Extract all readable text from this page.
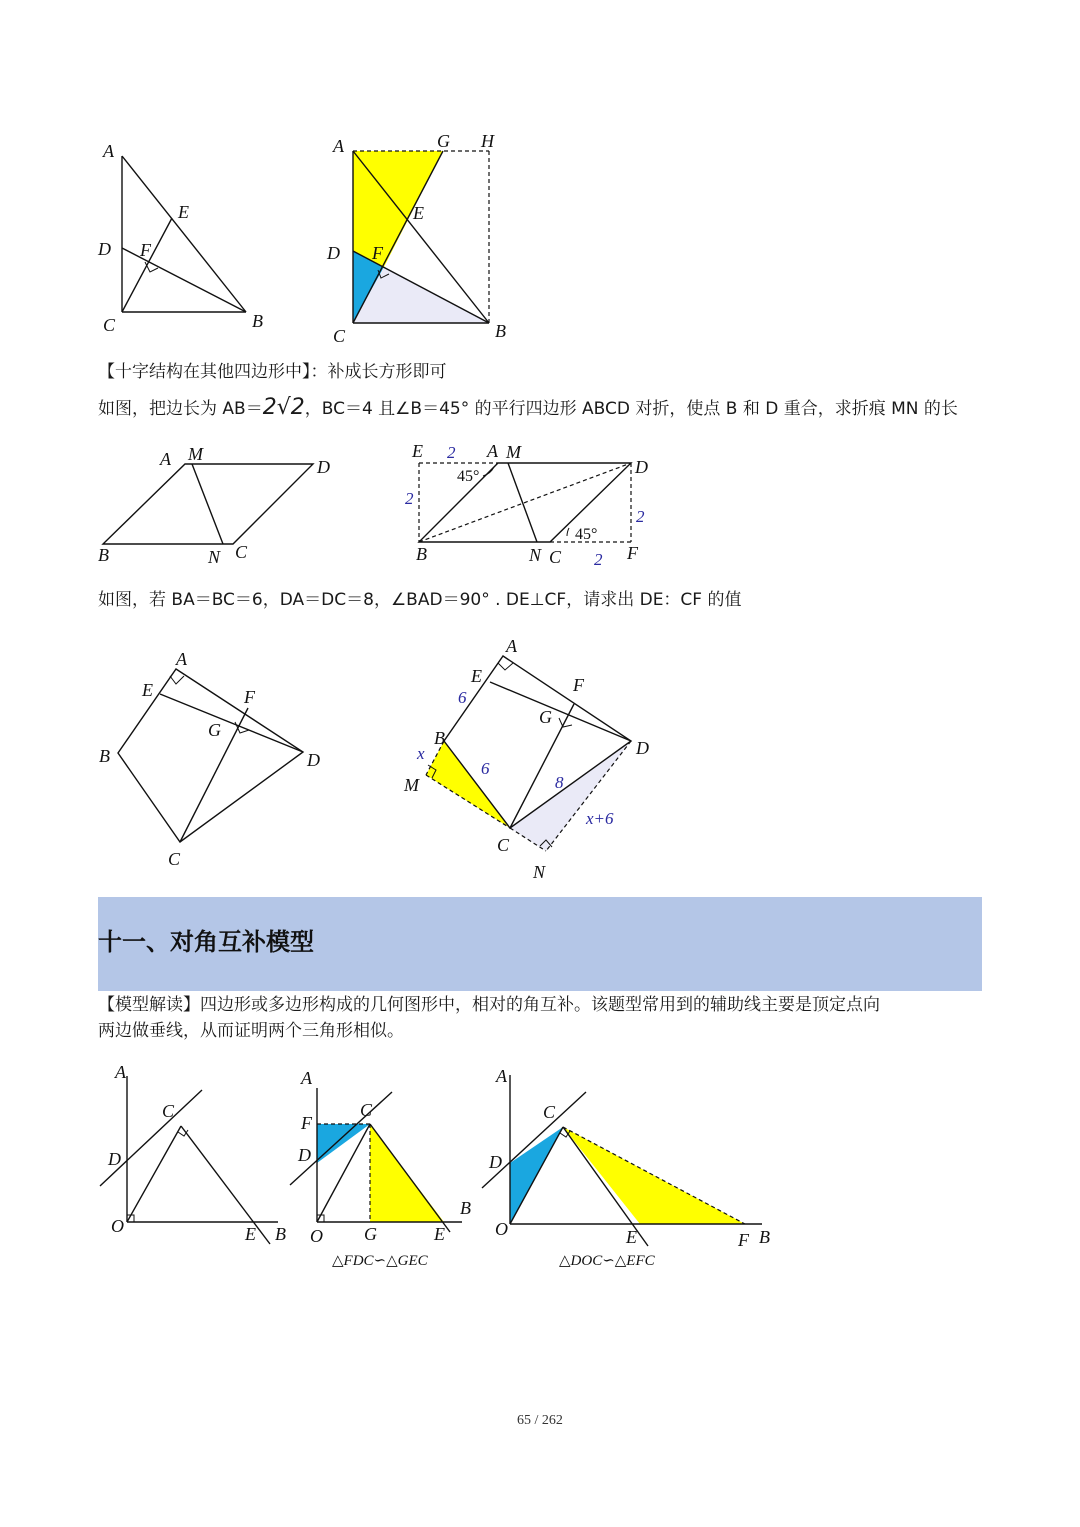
A
E
D F
C	B
A	G H
E
D F
C	B
A M
D
B	N C
E	A M
D
B	N C	F
2
2
2
2
45°
45°
A
E	F
G
B	D
C
A
E	F
G
B	D
M
C
N
6
x
6
8
x+6
A
C
D
O	E B
A
F
C
D
O G	E
B
△FDC∽△GEC
A
C
D
O	E	F B
△DOC∽△EFC
【十字结构在其他四边形中】：补成长方形即可
如图，把边长为 AB＝2√2，BC＝4 且∠B＝45° 的平行四边形 ABCD 对折，使点 B 和 D 重合，求折痕 MN 的长
如图，若 BA＝BC＝6，DA＝DC＝8，∠BAD＝90° . DE⊥CF，请求出 DE：CF 的值
十一、对角互补模型
【模型解读】四边形或多边形构成的几何图形中，相对的角互补。该题型常用到的辅助线主要是顶定点向
两边做垂线，从而证明两个三角形相似。
65 / 262
